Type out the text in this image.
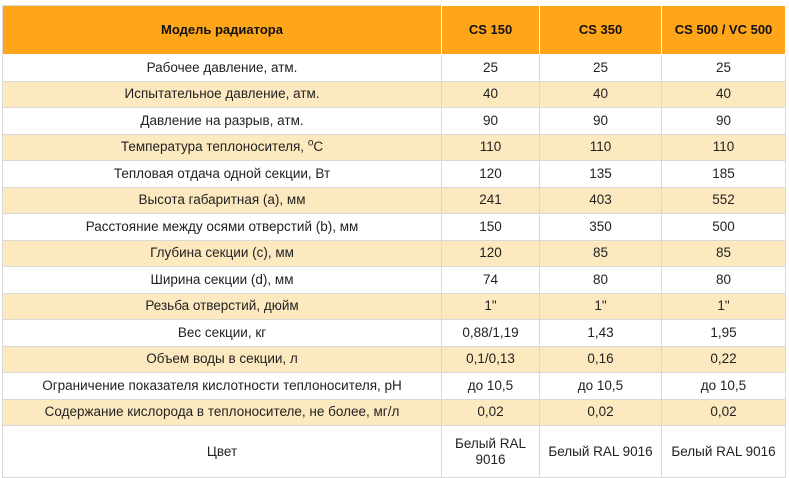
Модель радиатора	CS 150	CS 350	CS 500 / VC 500
Рабочее давление, атм.	25	25	25
Испытательное давление, атм.	40	40	40
Давление на разрыв, атм.	90	90	90
Температура теплоносителя, $^o$C	110	110	110
Тепловая отдача одной секции, Вт	120	135	185
Высота габаритная (a), мм	241	403	552
Расстояние между осями отверстий (b), мм	150	350	500
Глубина секции (c), мм	120	85	85
Ширина секции (d), мм	74	80	80
Резьба отверстий, дюйм	1"	1"	1"
Вес секции, кг	0,88/1,19	1,43	1,95
Объем воды в секции, л	0,1/0,13	0,16	0,22
Ограничение показателя кислотности теплоносителя, pH	до 10,5	до 10,5	до 10,5
Содержание кислорода в теплоносителе, не более, мг/л	0,02	0,02	0,02
Цвет	Белый RAL 9016	Белый RAL 9016	Белый RAL 9016
